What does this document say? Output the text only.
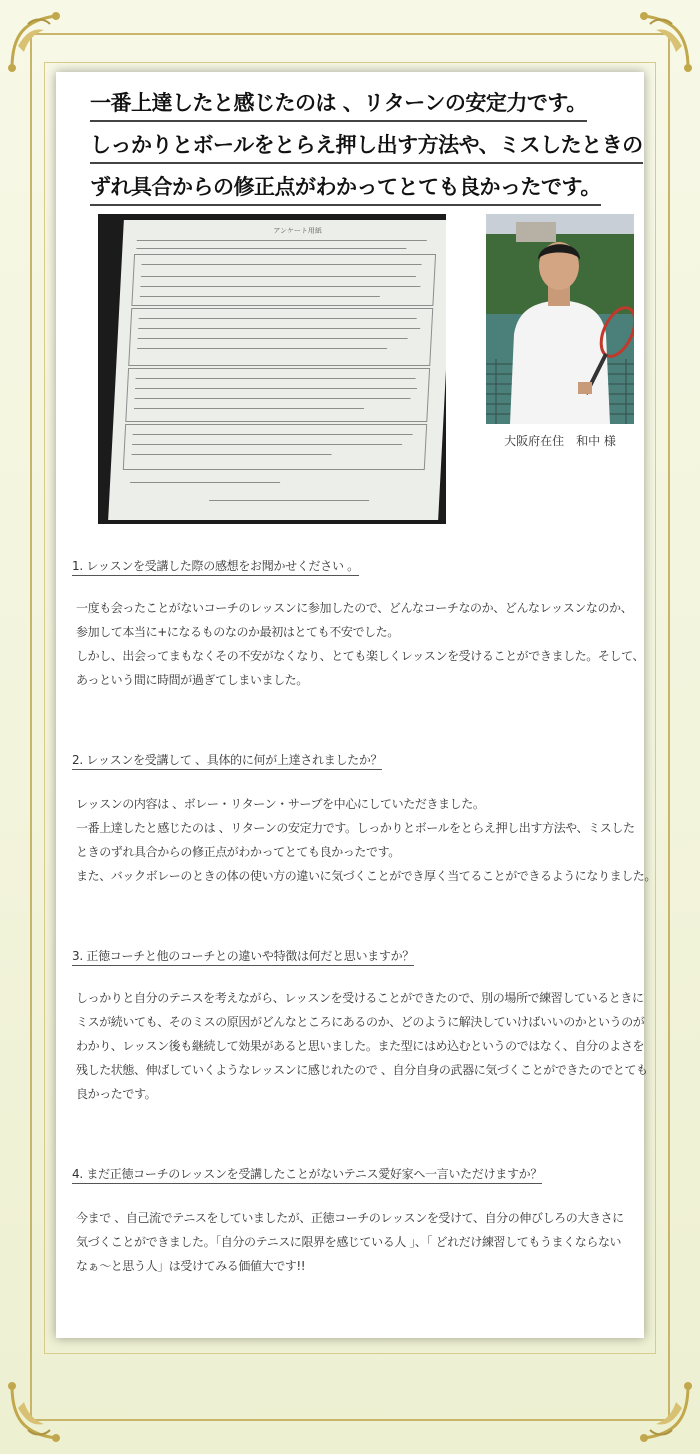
一番上達したと感じたのは 、リターンの安定力です。
しっかりとボールをとらえ押し出す方法や、ミスしたときの
ずれ具合からの修正点がわかってとても良かったです。
アンケート用紙
大阪府在住　和中 様
1. レッスンを受講した際の感想をお聞かせください 。
一度も会ったことがないコーチのレッスンに参加したので、どんなコーチなのか、どんなレッスンなのか、
参加して本当に+になるものなのか最初はとても不安でした。
しかし、出会ってまもなくその不安がなくなり、とても楽しくレッスンを受けることができました。そして、
あっという間に時間が過ぎてしまいました。
2. レッスンを受講して 、具体的に何が上達されましたか？
レッスンの内容は 、ボレー・リターン・サーブを中心にしていただきました。
一番上達したと感じたのは 、リターンの安定力です。しっかりとボールをとらえ押し出す方法や、ミスした
ときのずれ具合からの修正点がわかってとても良かったです。
また、バックボレーのときの体の使い方の違いに気づくことができ厚く当てることができるようになりました。
3. 正徳コーチと他のコーチとの違いや特徴は何だと思いますか？
しっかりと自分のテニスを考えながら、レッスンを受けることができたので、別の場所で練習しているときに
ミスが続いても、そのミスの原因がどんなところにあるのか、どのように解決していけばいいのかというのが
わかり、レッスン後も継続して効果があると思いました。また型にはめ込むというのではなく、自分のよさを
残した状態、伸ばしていくようなレッスンに感じれたので 、自分自身の武器に気づくことができたのでとても
良かったです。
4. まだ正徳コーチのレッスンを受講したことがないテニス愛好家へ一言いただけますか？
今まで 、自己流でテニスをしていましたが、正徳コーチのレッスンを受けて、自分の伸びしろの大きさに
気づくことができました。「自分のテニスに限界を感じている人 」、「 どれだけ練習してもうまくならない
なぁ～と思う人」は受けてみる価値大です!!
